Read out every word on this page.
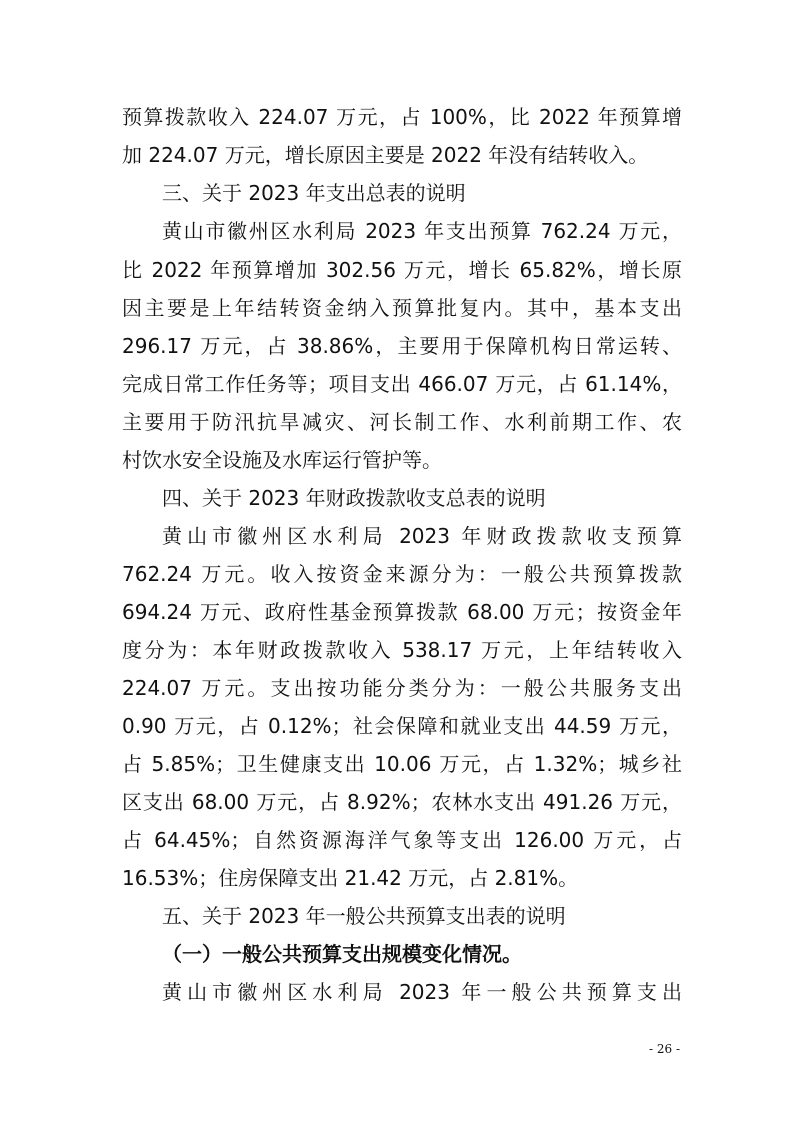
预算拨款收入 224.07 万元，占 100%，比 2022 年预算增
加 224.07 万元，增长原因主要是 2022 年没有结转收入。
三、关于 2023 年支出总表的说明
黄山市徽州区水利局 2023 年支出预算 762.24 万元，
比 2022 年预算增加 302.56 万元，增长 65.82%，增长原
因主要是上年结转资金纳入预算批复内。其中，基本支出
296.17 万元，占 38.86%，主要用于保障机构日常运转、
完成日常工作任务等；项目支出 466.07 万元，占 61.14%，
主要用于防汛抗旱减灾、河长制工作、水利前期工作、农
村饮水安全设施及水库运行管护等。
四、关于 2023 年财政拨款收支总表的说明
黄山市徽州区水利局 2023 年财政拨款收支预算
762.24 万元。收入按资金来源分为：一般公共预算拨款
694.24 万元、政府性基金预算拨款 68.00 万元；按资金年
度分为：本年财政拨款收入 538.17 万元，上年结转收入
224.07 万元。支出按功能分类分为：一般公共服务支出
0.90 万元，占 0.12%；社会保障和就业支出 44.59 万元，
占 5.85%；卫生健康支出 10.06 万元，占 1.32%；城乡社
区支出 68.00 万元，占 8.92%；农林水支出 491.26 万元，
占 64.45%；自然资源海洋气象等支出 126.00 万元，占
16.53%；住房保障支出 21.42 万元，占 2.81%。
五、关于 2023 年一般公共预算支出表的说明
（一）一般公共预算支出规模变化情况。
黄山市徽州区水利局 2023 年一般公共预算支出
- 26 -
